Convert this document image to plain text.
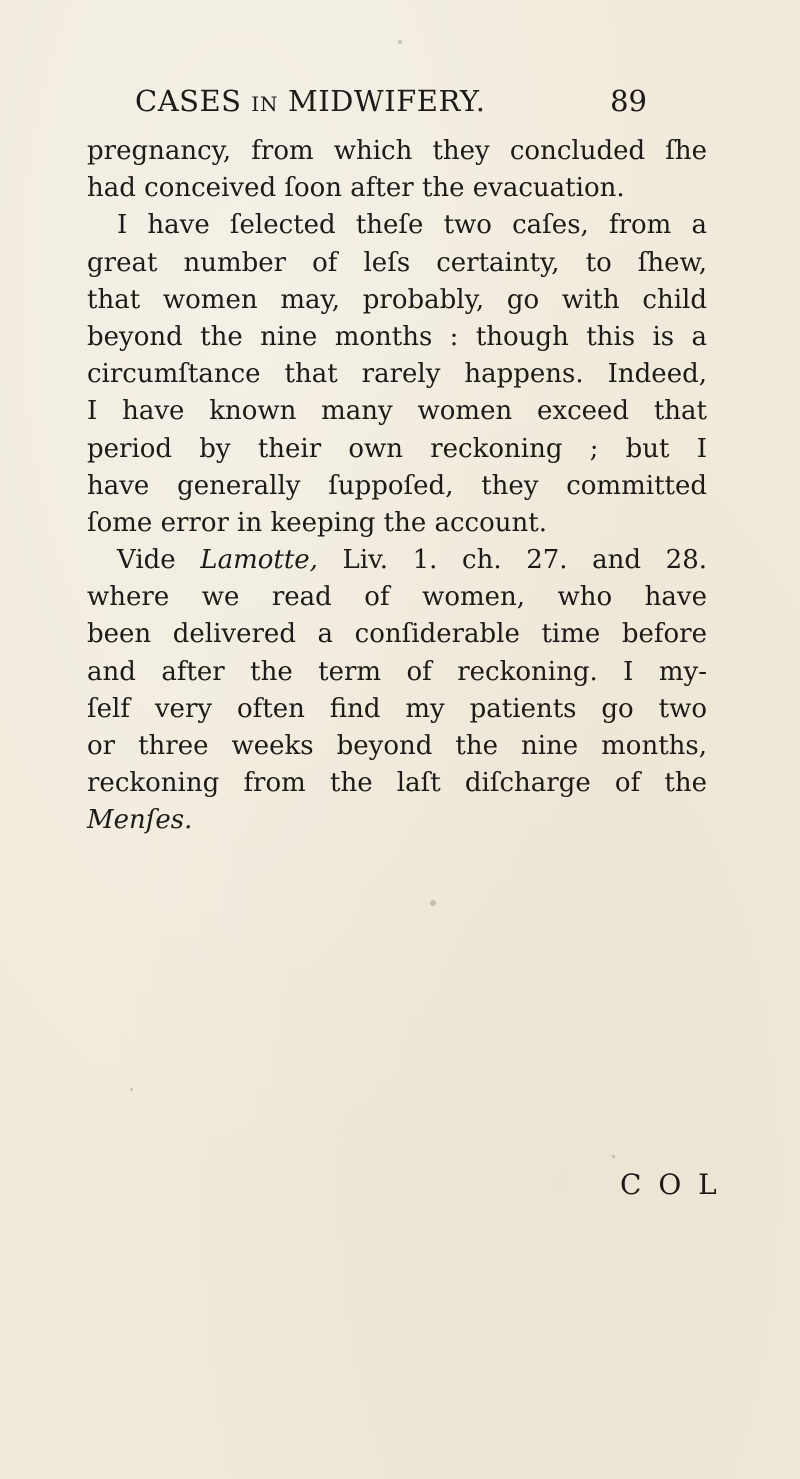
CASES IN MIDWIFERY.	89
pregnancy, from which they concluded ſhe
had conceived ſoon after the evacuation.
I have ſelected theſe two caſes, from a
great number of leſs certainty, to ſhew,
that women may, probably, go with child
beyond the nine months : though this is a
circumſtance that rarely happens. Indeed,
I have known many women exceed that
period by their own reckoning ; but I
have generally ſuppoſed, they committed
ſome error in keeping the account.
Vide Lamotte, Liv. 1. ch. 27. and 28.
where we read of women, who have
been delivered a conſiderable time before
and after the term of reckoning. I my-
ſelf very often find my patients go two
or three weeks beyond the nine months,
reckoning from the laſt diſcharge of the
Menſes.
C O L
